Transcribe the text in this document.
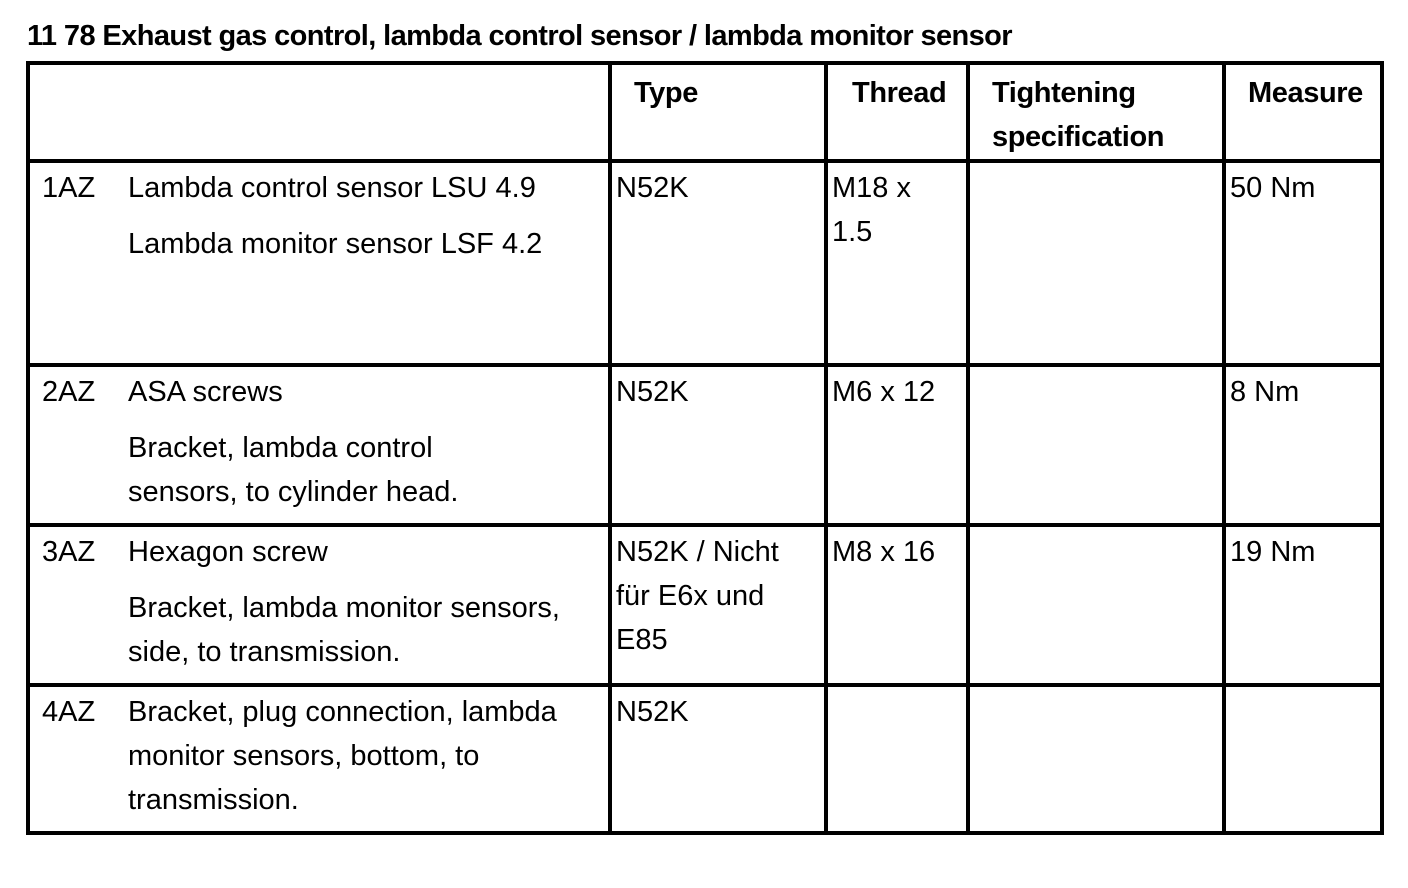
11 78 Exhaust gas control, lambda control sensor / lambda monitor sensor

	Type	Thread	Tightening specification	Measure

1AZ Lambda control sensor LSU 4.9
Lambda monitor sensor LSF 4.2	N52K	M18 x 1.5		50 Nm

2AZ ASA screws
Bracket, lambda control sensors, to cylinder head.	N52K	M6 x 12		8 Nm

3AZ Hexagon screw
Bracket, lambda monitor sensors, side, to transmission.	N52K / Nicht für E6x und E85	M8 x 16		19 Nm

4AZ Bracket, plug connection, lambda monitor sensors, bottom, to transmission.	N52K			
